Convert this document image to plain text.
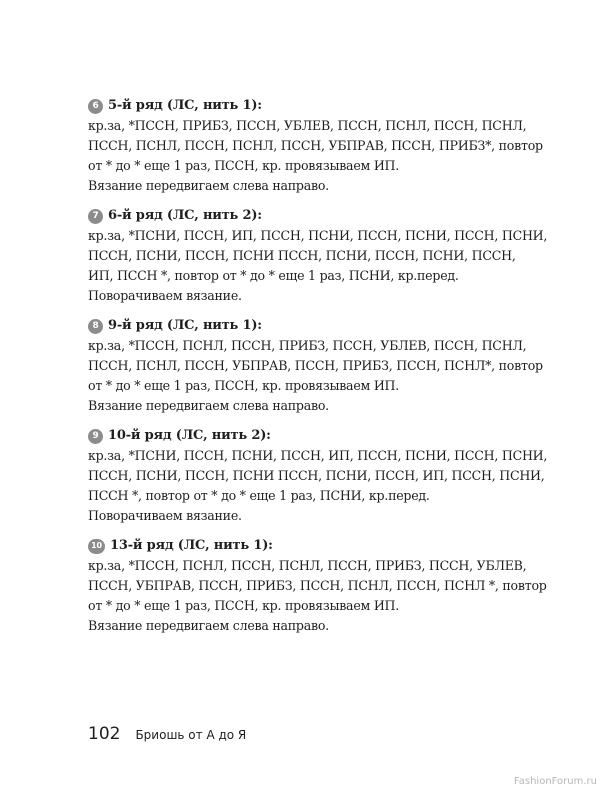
6 5-й ряд (ЛС, нить 1):
кр.за, *ПССН, ПРИБЗ, ПССН, УБЛЕВ, ПССН, ПСНЛ, ПССН, ПСНЛ,
ПССН, ПСНЛ, ПССН, ПСНЛ, ПССН, УБПРАВ, ПССН, ПРИБЗ*, повтор
от * до * еще 1 раз, ПССН, кр. провязываем ИП.
Вязание передвигаем слева направо.
7 6-й ряд (ЛС, нить 2):
кр.за, *ПСНИ, ПССН, ИП, ПССН, ПСНИ, ПССН, ПСНИ, ПССН, ПСНИ,
ПССН, ПСНИ, ПССН, ПСНИ ПССН, ПСНИ, ПССН, ПСНИ, ПССН,
ИП, ПССН *, повтор от * до * еще 1 раз, ПСНИ, кр.перед.
Поворачиваем вязание.
8 9-й ряд (ЛС, нить 1):
кр.за, *ПССН, ПСНЛ, ПССН, ПРИБЗ, ПССН, УБЛЕВ, ПССН, ПСНЛ,
ПССН, ПСНЛ, ПССН, УБПРАВ, ПССН, ПРИБЗ, ПССН, ПСНЛ*, повтор
от * до * еще 1 раз, ПССН, кр. провязываем ИП.
Вязание передвигаем слева направо.
9 10-й ряд (ЛС, нить 2):
кр.за, *ПСНИ, ПССН, ПСНИ, ПССН, ИП, ПССН, ПСНИ, ПССН, ПСНИ,
ПССН, ПСНИ, ПССН, ПСНИ ПССН, ПСНИ, ПССН, ИП, ПССН, ПСНИ,
ПССН *, повтор от * до * еще 1 раз, ПСНИ, кр.перед.
Поворачиваем вязание.
10 13-й ряд (ЛС, нить 1):
кр.за, *ПССН, ПСНЛ, ПССН, ПСНЛ, ПССН, ПРИБЗ, ПССН, УБЛЕВ,
ПССН, УБПРАВ, ПССН, ПРИБЗ, ПССН, ПСНЛ, ПССН, ПСНЛ *, повтор
от * до * еще 1 раз, ПССН, кр. провязываем ИП.
Вязание передвигаем слева направо.
102 Бриошь от А до Я
FashionForum.ru
